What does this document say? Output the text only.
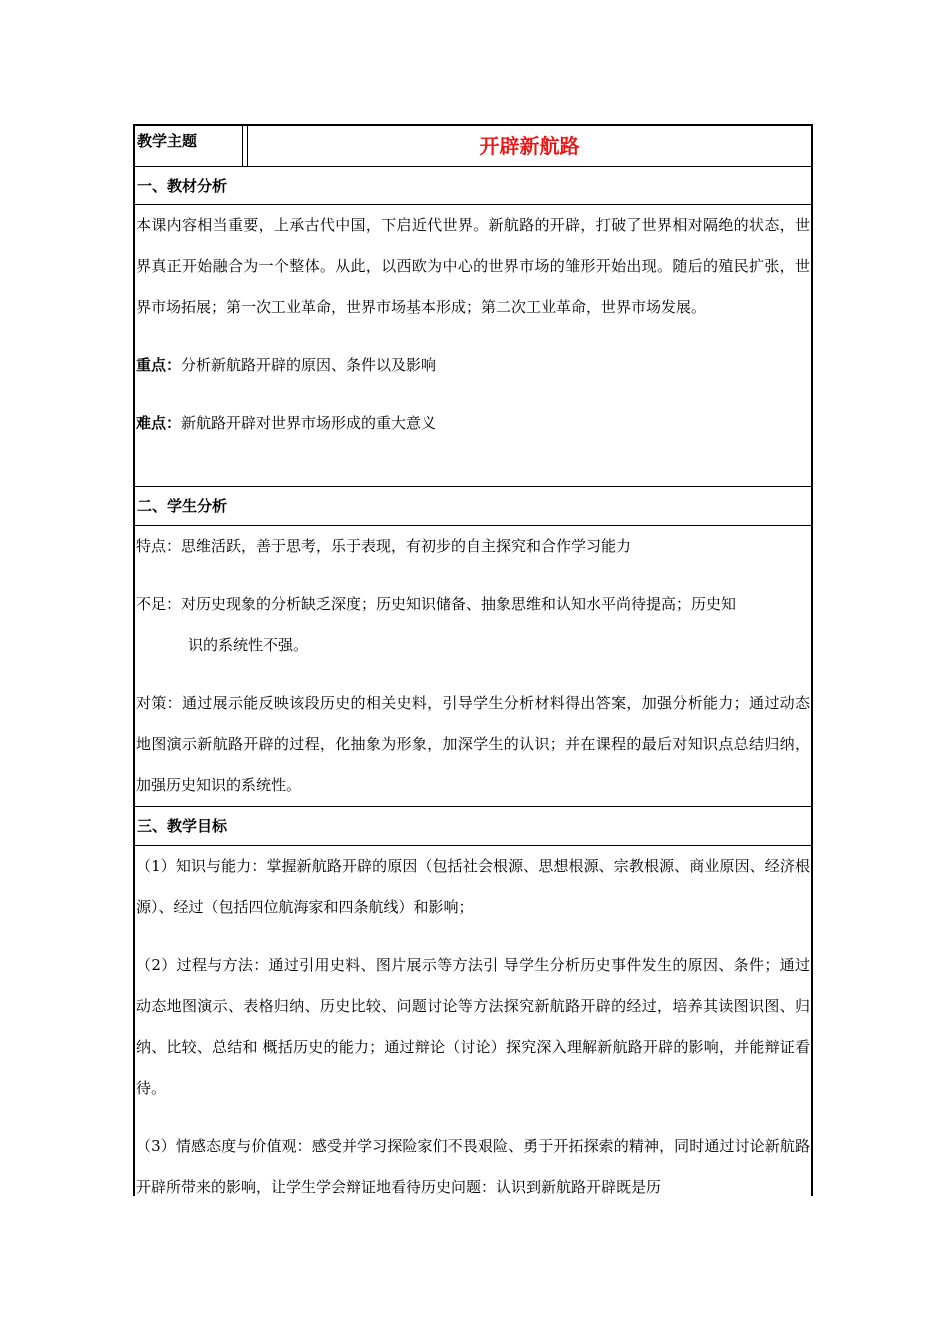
教学主题	开辟新航路
一、教材分析

本课内容相当重要，上承古代中国，下启近代世界。新航路的开辟，打破了世界相对隔绝的状态，世界真正开始融合为一个整体。从此，以西欧为中心的世界市场的雏形开始出现。随后的殖民扩张，世界市场拓展；第一次工业革命，世界市场基本形成；第二次工业革命，世界市场发展。

重点：分析新航路开辟的原因、条件以及影响

难点：新航路开辟对世界市场形成的重大意义

二、学生分析

特点：思维活跃，善于思考，乐于表现，有初步的自主探究和合作学习能力

不足：对历史现象的分析缺乏深度；历史知识储备、抽象思维和认知水平尚待提高；历史知

识的系统性不强。

对策：通过展示能反映该段历史的相关史料，引导学生分析材料得出答案，加强分析能力；通过动态地图演示新航路开辟的过程，化抽象为形象，加深学生的认识；并在课程的最后对知识点总结归纳，加强历史知识的系统性。

三、教学目标

（1）知识与能力：掌握新航路开辟的原因（包括社会根源、思想根源、宗教根源、商业原因、经济根源）、经过（包括四位航海家和四条航线）和影响；

（2）过程与方法：通过引用史料、图片展示等方法引 导学生分析历史事件发生的原因、条件；通过动态地图演示、表格归纳、历史比较、问题讨论等方法探究新航路开辟的经过，培养其读图识图、归纳、比较、总结和 概括历史的能力；通过辩论（讨论）探究深入理解新航路开辟的影响，并能辩证看待。

（3）情感态度与价值观：感受并学习探险家们不畏艰险、勇于开拓探索的精神，同时通过讨论新航路开辟所带来的影响，让学生学会辩证地看待历史问题：认识到新航路开辟既是历
